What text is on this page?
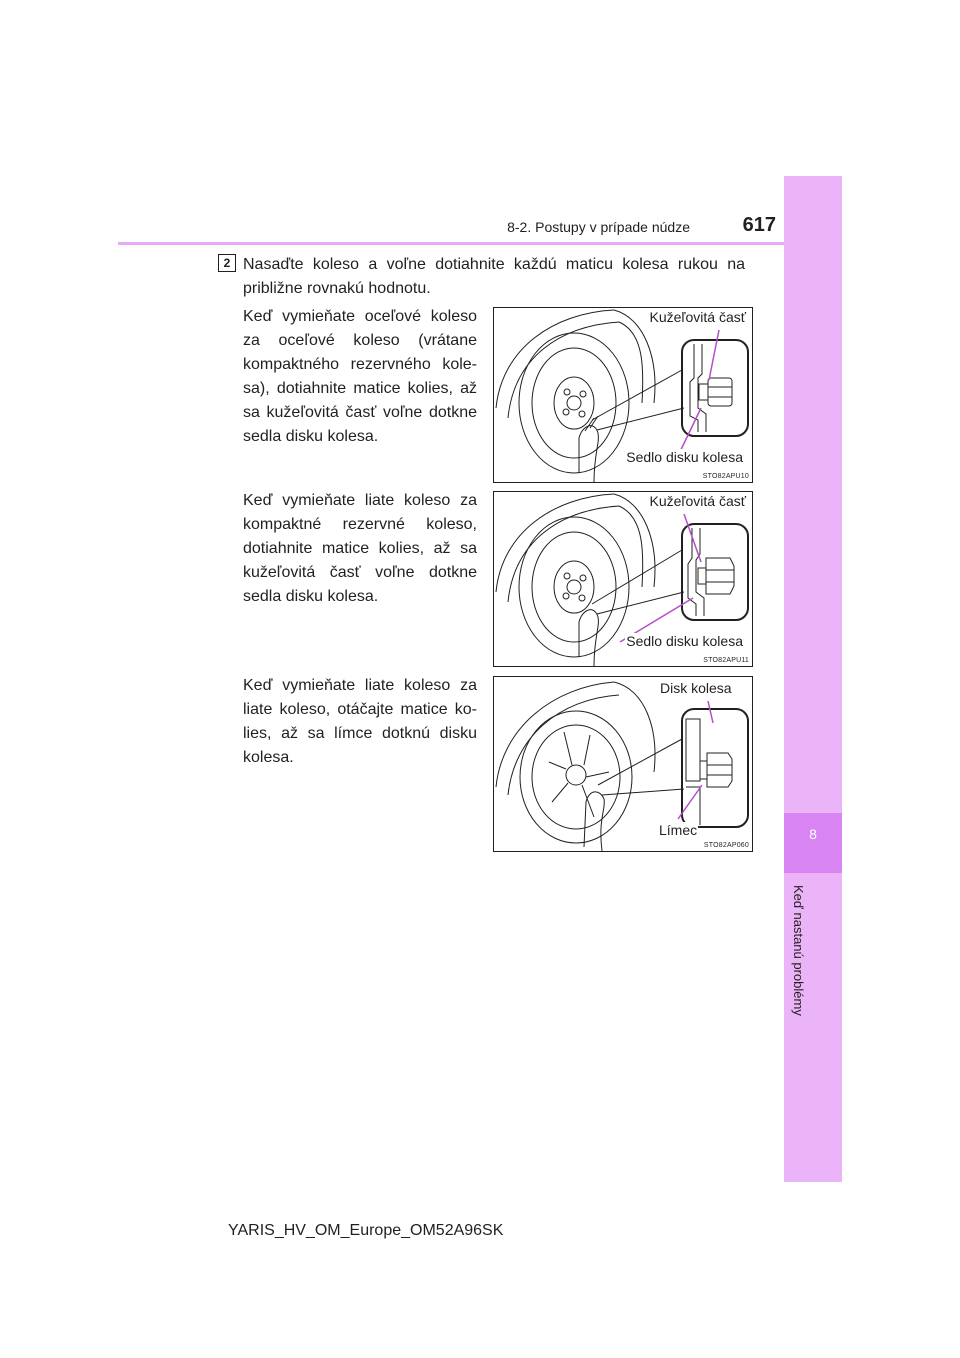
8
Keď nastanú problémy
8-2. Postupy v prípade núdze	617
2 Nasaďte koleso a voľne dotiahnite každú maticu kolesa rukou na približne rovnakú hodnotu.
Keď vymieňate oceľové koleso za oceľové koleso (vrátane kompaktného rezervného kole-sa), dotiahnite matice kolies, až sa kužeľovitá časť voľne dotkne sedla disku kolesa.
Keď vymieňate liate koleso za kompaktné rezervné koleso, dotiahnite matice kolies, až sa kužeľovitá časť voľne dotkne sedla disku kolesa.
Keď vymieňate liate koleso za liate koleso, otáčajte matice ko-lies, až sa límce dotknú disku kolesa.
Kužeľovitá časť
Sedlo disku kolesa
STO82APU10
Kužeľovitá časť
Sedlo disku kolesa
STO82APU11
Disk kolesa
Límec
STO82AP060
YARIS_HV_OM_Europe_OM52A96SK
